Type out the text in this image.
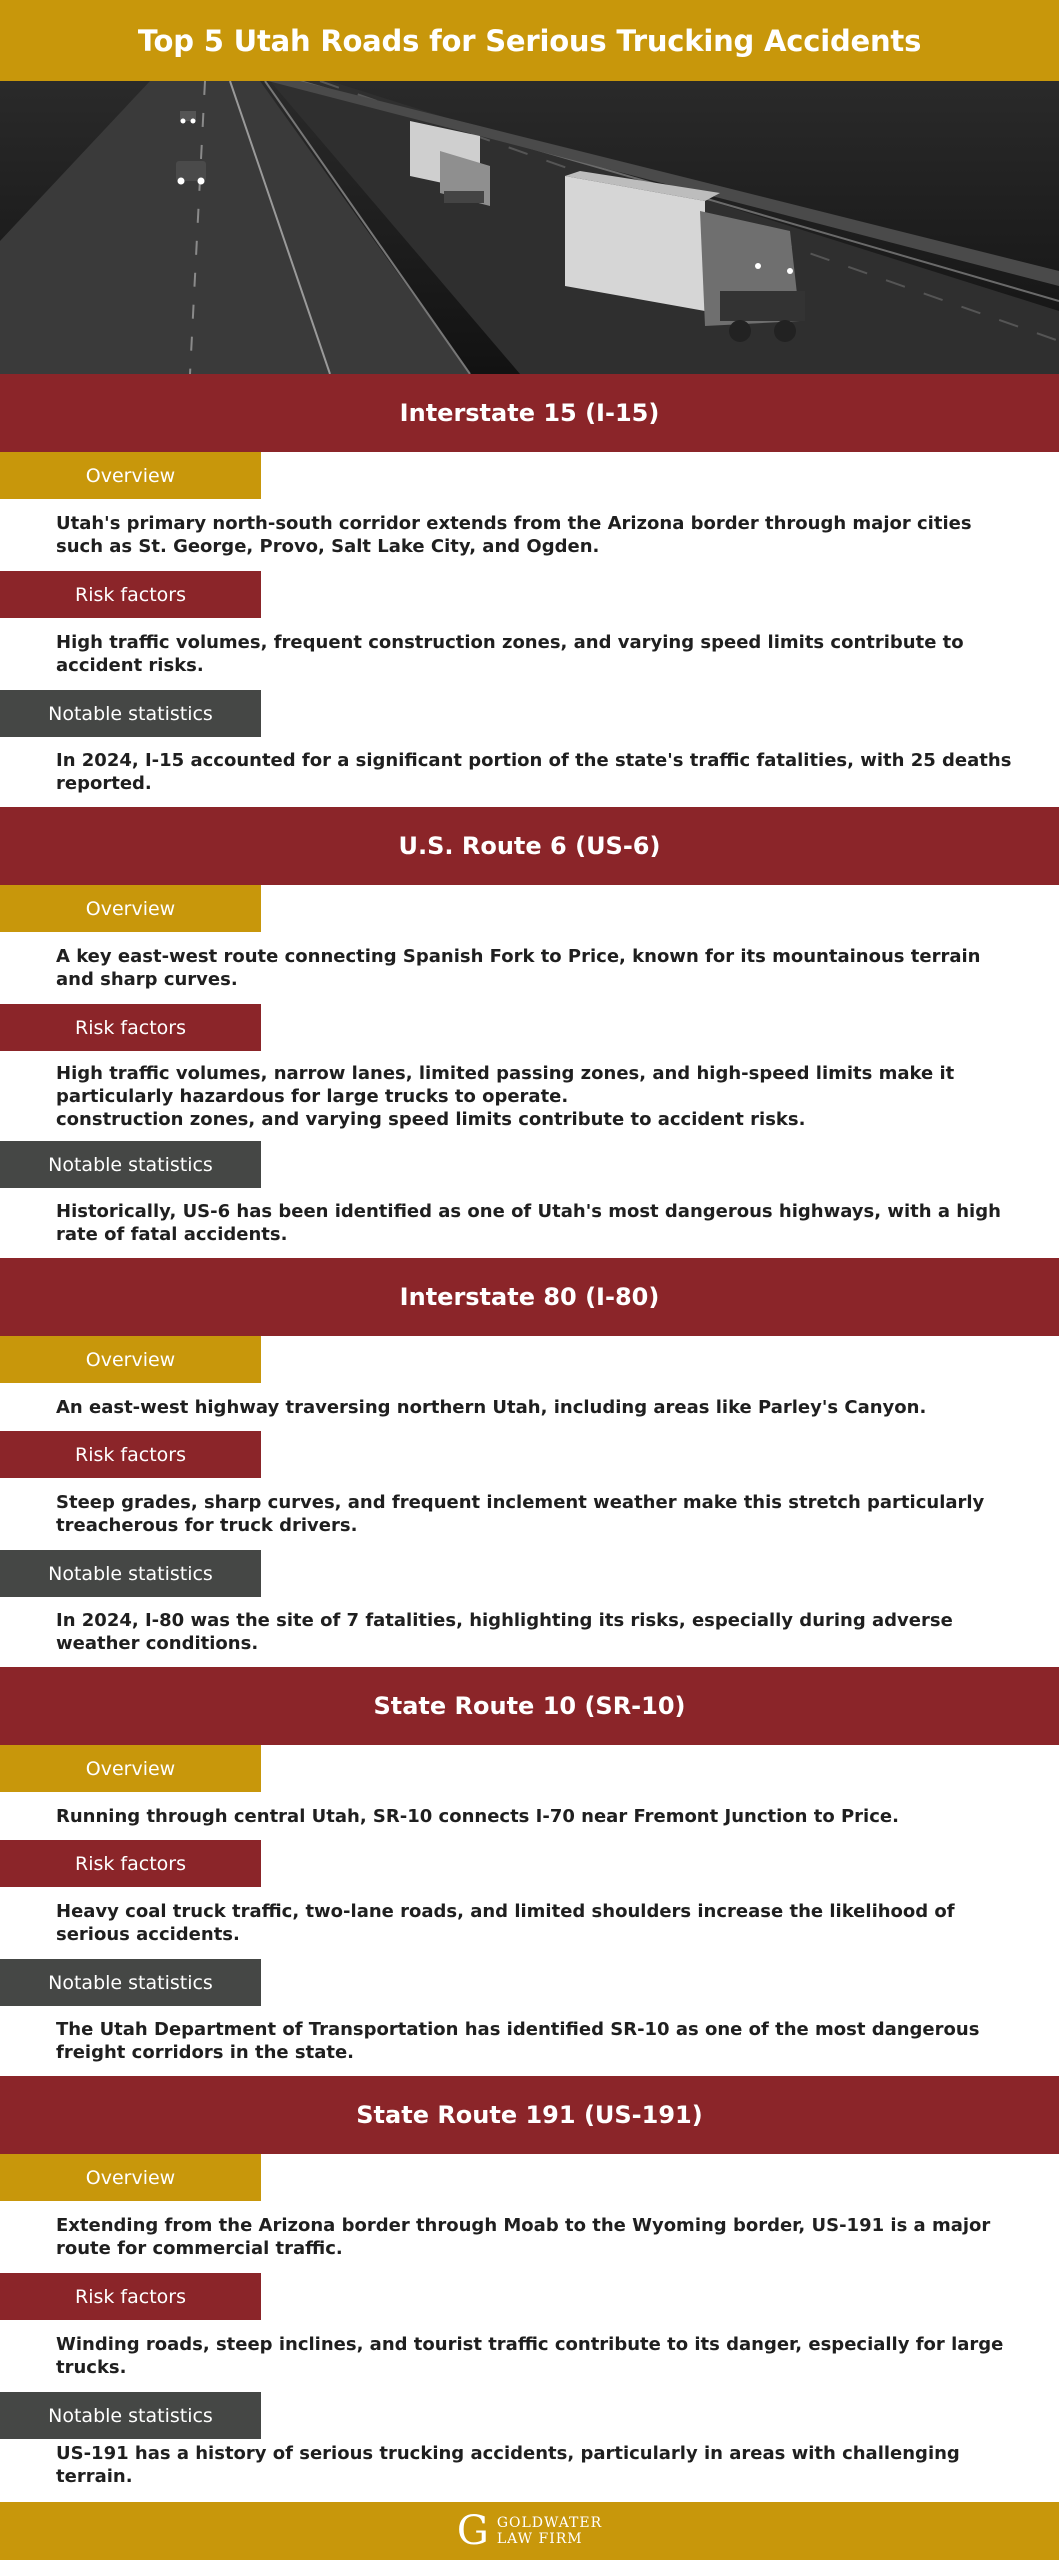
Top 5 Utah Roads for Serious Trucking Accidents
Interstate 15 (I-15)
Overview
Utah's primary north-south corridor extends from the Arizona border through major cities such as St. George, Provo, Salt Lake City, and Ogden.
Risk factors
High traffic volumes, frequent construction zones, and varying speed limits contribute to accident risks.
Notable statistics
In 2024, I-15 accounted for a significant portion of the state's traffic fatalities, with 25 deaths reported.
U.S. Route 6 (US-6)
Overview
A key east-west route connecting Spanish Fork to Price, known for its mountainous terrain and sharp curves.
Risk factors
High traffic volumes, narrow lanes, limited passing zones, and high-speed limits make it particularly hazardous for large trucks to operate.
construction zones, and varying speed limits contribute to accident risks.
Notable statistics
Historically, US-6 has been identified as one of Utah's most dangerous highways, with a high rate of fatal accidents.
Interstate 80 (I-80)
Overview
An east-west highway traversing northern Utah, including areas like Parley's Canyon.
Risk factors
Steep grades, sharp curves, and frequent inclement weather make this stretch particularly treacherous for truck drivers.
Notable statistics
In 2024, I-80 was the site of 7 fatalities, highlighting its risks, especially during adverse weather conditions.
State Route 10 (SR-10)
Overview
Running through central Utah, SR-10 connects I-70 near Fremont Junction to Price.
Risk factors
Heavy coal truck traffic, two-lane roads, and limited shoulders increase the likelihood of serious accidents.
Notable statistics
The Utah Department of Transportation has identified SR-10 as one of the most dangerous freight corridors in the state.
State Route 191 (US-191)
Overview
Extending from the Arizona border through Moab to the Wyoming border, US-191 is a major route for commercial traffic.
Risk factors
Winding roads, steep inclines, and tourist traffic contribute to its danger, especially for large trucks.
Notable statistics
US-191 has a history of serious trucking accidents, particularly in areas with challenging terrain.
G GOLDWATER
LAW FIRM
